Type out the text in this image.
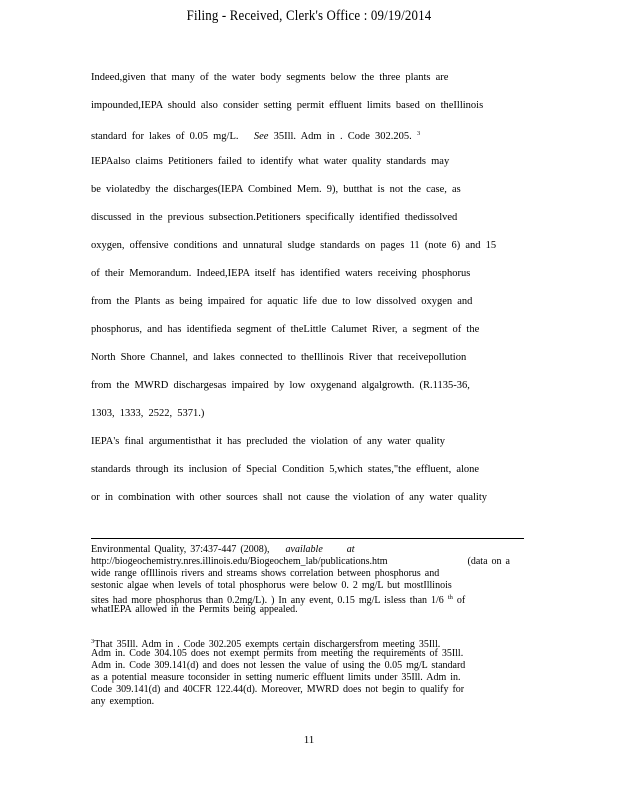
Filing - Received, Clerk's Office : 09/19/2014
Indeed,given that many of the water body segments below the three plants are
impounded,IEPA should also consider setting permit effluent limits based on theIllinois
standard for lakes of 0.05 mg/L. See 35Ill. Adm in . Code 302.205. $^3$
IEPAalso claims Petitioners failed to identify what water quality standards may
be violatedby the discharges(IEPA Combined Mem. 9), butthat is not the case, as
discussed in the previous subsection.Petitioners specifically identified thedissolved
oxygen, offensive conditions and unnatural sludge standards on pages 11 (note 6) and 15
of their Memorandum. Indeed,IEPA itself has identified waters receiving phosphorus
from the Plants as being impaired for aquatic life due to low dissolved oxygen and
phosphorus, and has identifieda segment of theLittle Calumet River, a segment of the
North Shore Channel, and lakes connected to theIllinois River that receivepollution
from the MWRD dischargesas impaired by low oxygenand algalgrowth. (R.1135-36,
1303, 1333, 2522, 5371.)
IEPA's final argumentisthat it has precluded the violation of any water quality
standards through its inclusion of Special Condition 5,which states,"the effluent, alone
or in combination with other sources shall not cause the violation of any water quality
Environmental Quality, 37:437-447 (2008), available at
http://biogeochemistry.nres.illinois.edu/Biogeochem_lab/publications.htm	(data on a
wide range ofIllinois rivers and streams shows correlation between phosphorus and
sestonic algae when levels of total phosphorus were below 0. 2 mg/L but mostIllinois
sites had more phosphorus than 0.2mg/L). ) In any event, 0.15 mg/L isless than 1/6 $^{th}$ of
whatIEPA allowed in the Permits being appealed.
$^3$That 35Ill. Adm in . Code 302.205 exempts certain dischargersfrom meeting 35Ill.
Adm in. Code 304.105 does not exempt permits from meeting the requirements of 35Ill.
Adm in. Code 309.141(d) and does not lessen the value of using the 0.05 mg/L standard
as a potential measure toconsider in setting numeric effluent limits under 35Ill. Adm in.
Code 309.141(d) and 40CFR 122.44(d). Moreover, MWRD does not begin to qualify for
any exemption.
11
